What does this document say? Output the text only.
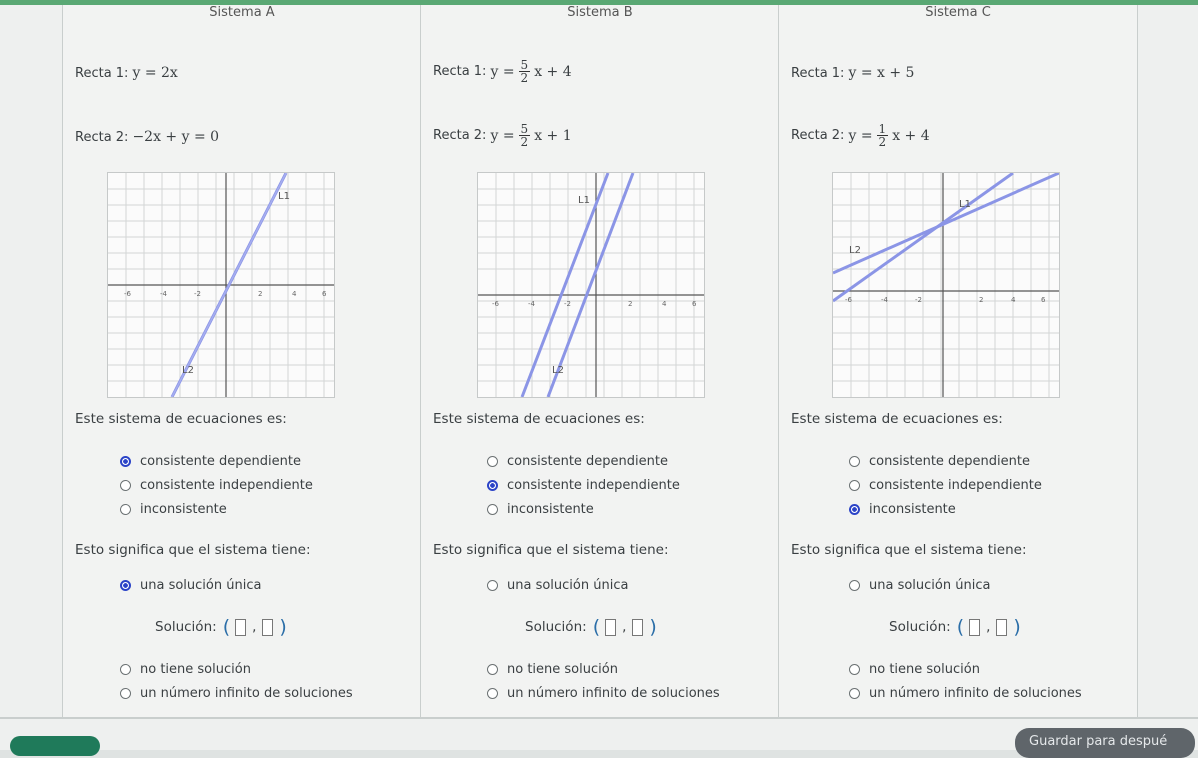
Sistema A
Recta 1: y = 2x
Recta 2: −2x + y = 0
L1
L2
-6	-4	-2	2	4	6
Este sistema de ecuaciones es:
consistente dependiente
consistente independiente
inconsistente
Esto significa que el sistema tiene:
una solución única
Solución: ( , )
no tiene solución
un número infinito de soluciones
Sistema B
Recta 1: $y = \frac{5}{2}$ x + 4
Recta 2: $y = \frac{5}{2}$ x + 1
L1
L2
-6	-4	-2	2	4	6
Este sistema de ecuaciones es:
consistente dependiente
consistente independiente
inconsistente
Esto significa que el sistema tiene:
una solución única
Solución: ( , )
no tiene solución
un número infinito de soluciones
Sistema C
Recta 1: y = x + 5
Recta 2: $y = \frac{1}{2}$ x + 4
L1
L2
-6	-4	-2	2	4	6
Este sistema de ecuaciones es:
consistente dependiente
consistente independiente
inconsistente
Esto significa que el sistema tiene:
una solución única
Solución: ( , )
no tiene solución
un número infinito de soluciones
Guardar para despué
